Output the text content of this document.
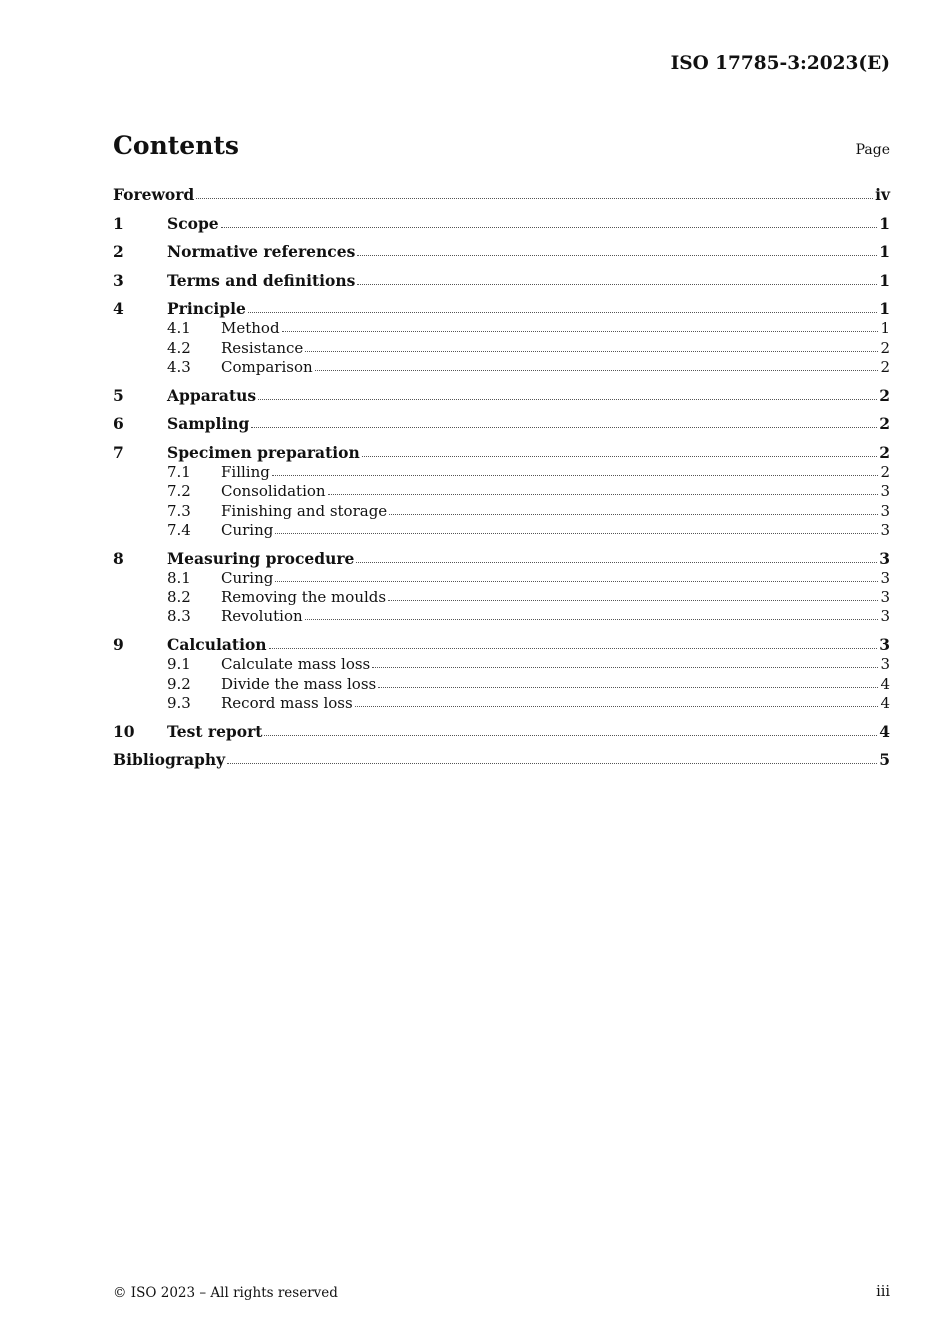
ISO 17785-3:2023(E)
Contents	Page
Foreword	iv
1	Scope	1
2	Normative references	1
3	Terms and definitions	1
4	Principle	1
4.1	Method	1
4.2	Resistance	2
4.3	Comparison	2
5	Apparatus	2
6	Sampling	2
7	Specimen preparation	2
7.1	Filling	2
7.2	Consolidation	3
7.3	Finishing and storage	3
7.4	Curing	3
8	Measuring procedure	3
8.1	Curing	3
8.2	Removing the moulds	3
8.3	Revolution	3
9	Calculation	3
9.1	Calculate mass loss	3
9.2	Divide the mass loss	4
9.3	Record mass loss	4
10	Test report	4
Bibliography	5
© ISO 2023 – All rights reserved	iii
